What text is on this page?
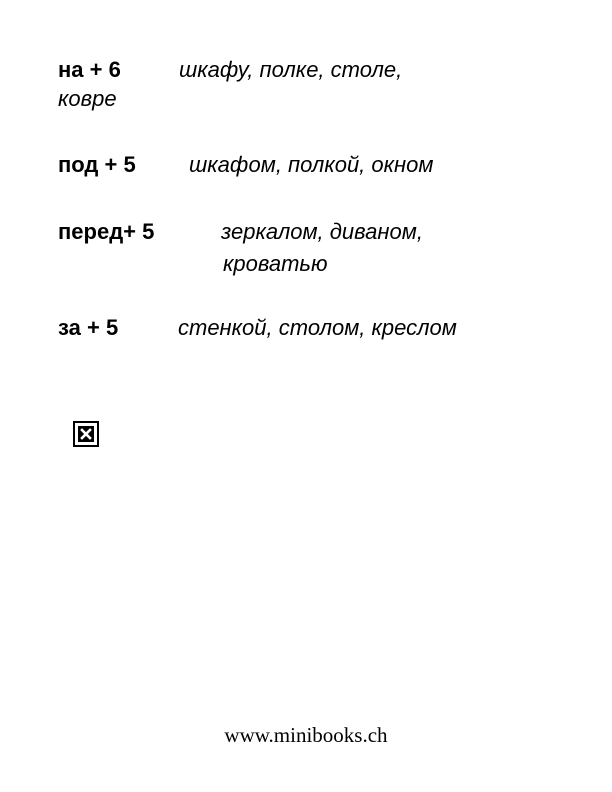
на + 6	шкафу, полке, столе,
ковре
под + 5 шкафом, полкой, окном
перед+ 5	зеркалом, диваном,
кроватью
за + 5	стенкой, столом, креслом
www.minibooks.ch
